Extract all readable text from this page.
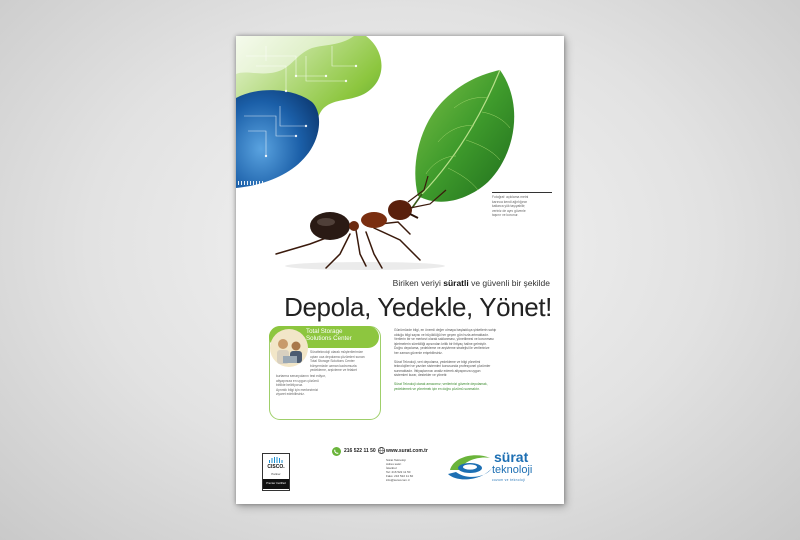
Fotoğraf: açıklama metni
karınca kendi ağırlığının
katlarca yük taşıyabilir;
veriniz de aynı güvenle
taşınır ve korunur.
Biriken veriyi süratli ve güvenli bir şekilde
Depola, Yedekle, Yönet!
Total Storage
Solutions Center
Süratteknoloji olarak müşterilerimize
uçtan uca depolama çözümleri sunan
Total Storage Solutions Center
bünyemizde uzman kadromuzla
yedekleme, arşivleme ve felaket
kurtarma senaryolarını test ediyor,
altyapınıza en uygun çözümü
birlikte belirliyoruz.
Ayrıntılı bilgi için merkezimizi
ziyaret edebilirsiniz.
Günümüzde bilgi, en önemli değer olmaya başladıkça şirketlerin sahip
olduğu bilgi sayısı ve büyüklüğü her geçen gün hızla artmaktadır.
Verilerin bir ve merkezi olarak saklanması, yönetilmesi ve korunması
işletmelerin sürekliliği açısından kritik bir ihtiyaç haline gelmiştir.
Doğru depolama, yedekleme ve arşivleme stratejisi ile verilerinize
her zaman güvenle erişebilirsiniz.
Sürat Teknoloji, veri depolama, yedekleme ve bilgi yönetimi
teknolojileri ve yazılım sistemleri konusunda profesyonel çözümler
sunmaktadır. İhtiyaçlarınızı analiz ederek altyapınıza uygun
sistemleri kurar, destekler ve yönetir.
Sürat Teknoloji olarak amacımız; verilerinizi güvenle depolamak,
yedeklemek ve yönetmek için en doğru çözümü sunmaktır.
CISCO.
Partner
Premier Certified
216 522 11 50 www.surat.com.tr
Sürat Teknoloji
Adres satırı
İstanbul
Tel: 216 522 11 50
Faks: 216 522 11 60
info@surat.com.tr
sürat
teknoloji
cozum ve teknoloji
